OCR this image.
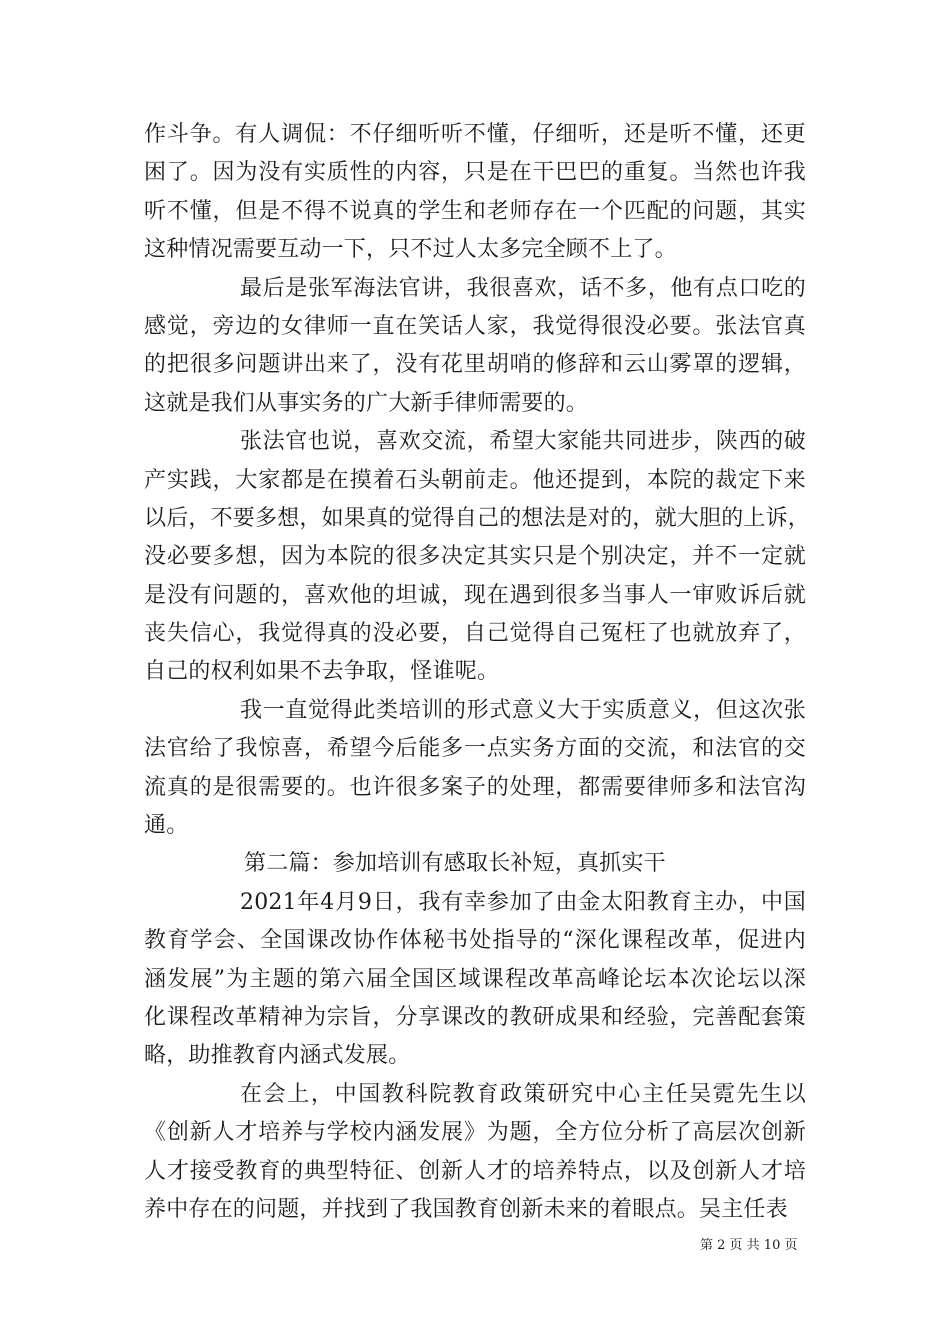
作斗争。有人调侃：不仔细听听不懂，仔细听，还是听不懂，还更
困了。因为没有实质性的内容，只是在干巴巴的重复。当然也许我
听不懂，但是不得不说真的学生和老师存在一个匹配的问题，其实
这种情况需要互动一下，只不过人太多完全顾不上了。
最后是张军海法官讲，我很喜欢，话不多，他有点口吃的
感觉，旁边的女律师一直在笑话人家，我觉得很没必要。张法官真
的把很多问题讲出来了，没有花里胡哨的修辞和云山雾罩的逻辑，
这就是我们从事实务的广大新手律师需要的。
张法官也说，喜欢交流，希望大家能共同进步，陕西的破
产实践，大家都是在摸着石头朝前走。他还提到，本院的裁定下来
以后，不要多想，如果真的觉得自己的想法是对的，就大胆的上诉，
没必要多想，因为本院的很多决定其实只是个别决定，并不一定就
是没有问题的，喜欢他的坦诚，现在遇到很多当事人一审败诉后就
丧失信心，我觉得真的没必要，自己觉得自己冤枉了也就放弃了，
自己的权利如果不去争取，怪谁呢。
我一直觉得此类培训的形式意义大于实质意义，但这次张
法官给了我惊喜，希望今后能多一点实务方面的交流，和法官的交
流真的是很需要的。也许很多案子的处理，都需要律师多和法官沟
通。
第二篇：参加培训有感取长补短，真抓实干
2021年4月9日，我有幸参加了由金太阳教育主办，中国
教育学会、全国课改协作体秘书处指导的“深化课程改革，促进内
涵发展”为主题的第六届全国区域课程改革高峰论坛本次论坛以深
化课程改革精神为宗旨，分享课改的教研成果和经验，完善配套策
略，助推教育内涵式发展。
在会上，中国教科院教育政策研究中心主任吴霓先生以
《创新人才培养与学校内涵发展》为题，全方位分析了高层次创新
人才接受教育的典型特征、创新人才的培养特点，以及创新人才培
养中存在的问题，并找到了我国教育创新未来的着眼点。吴主任表
第 2 页 共 10 页
